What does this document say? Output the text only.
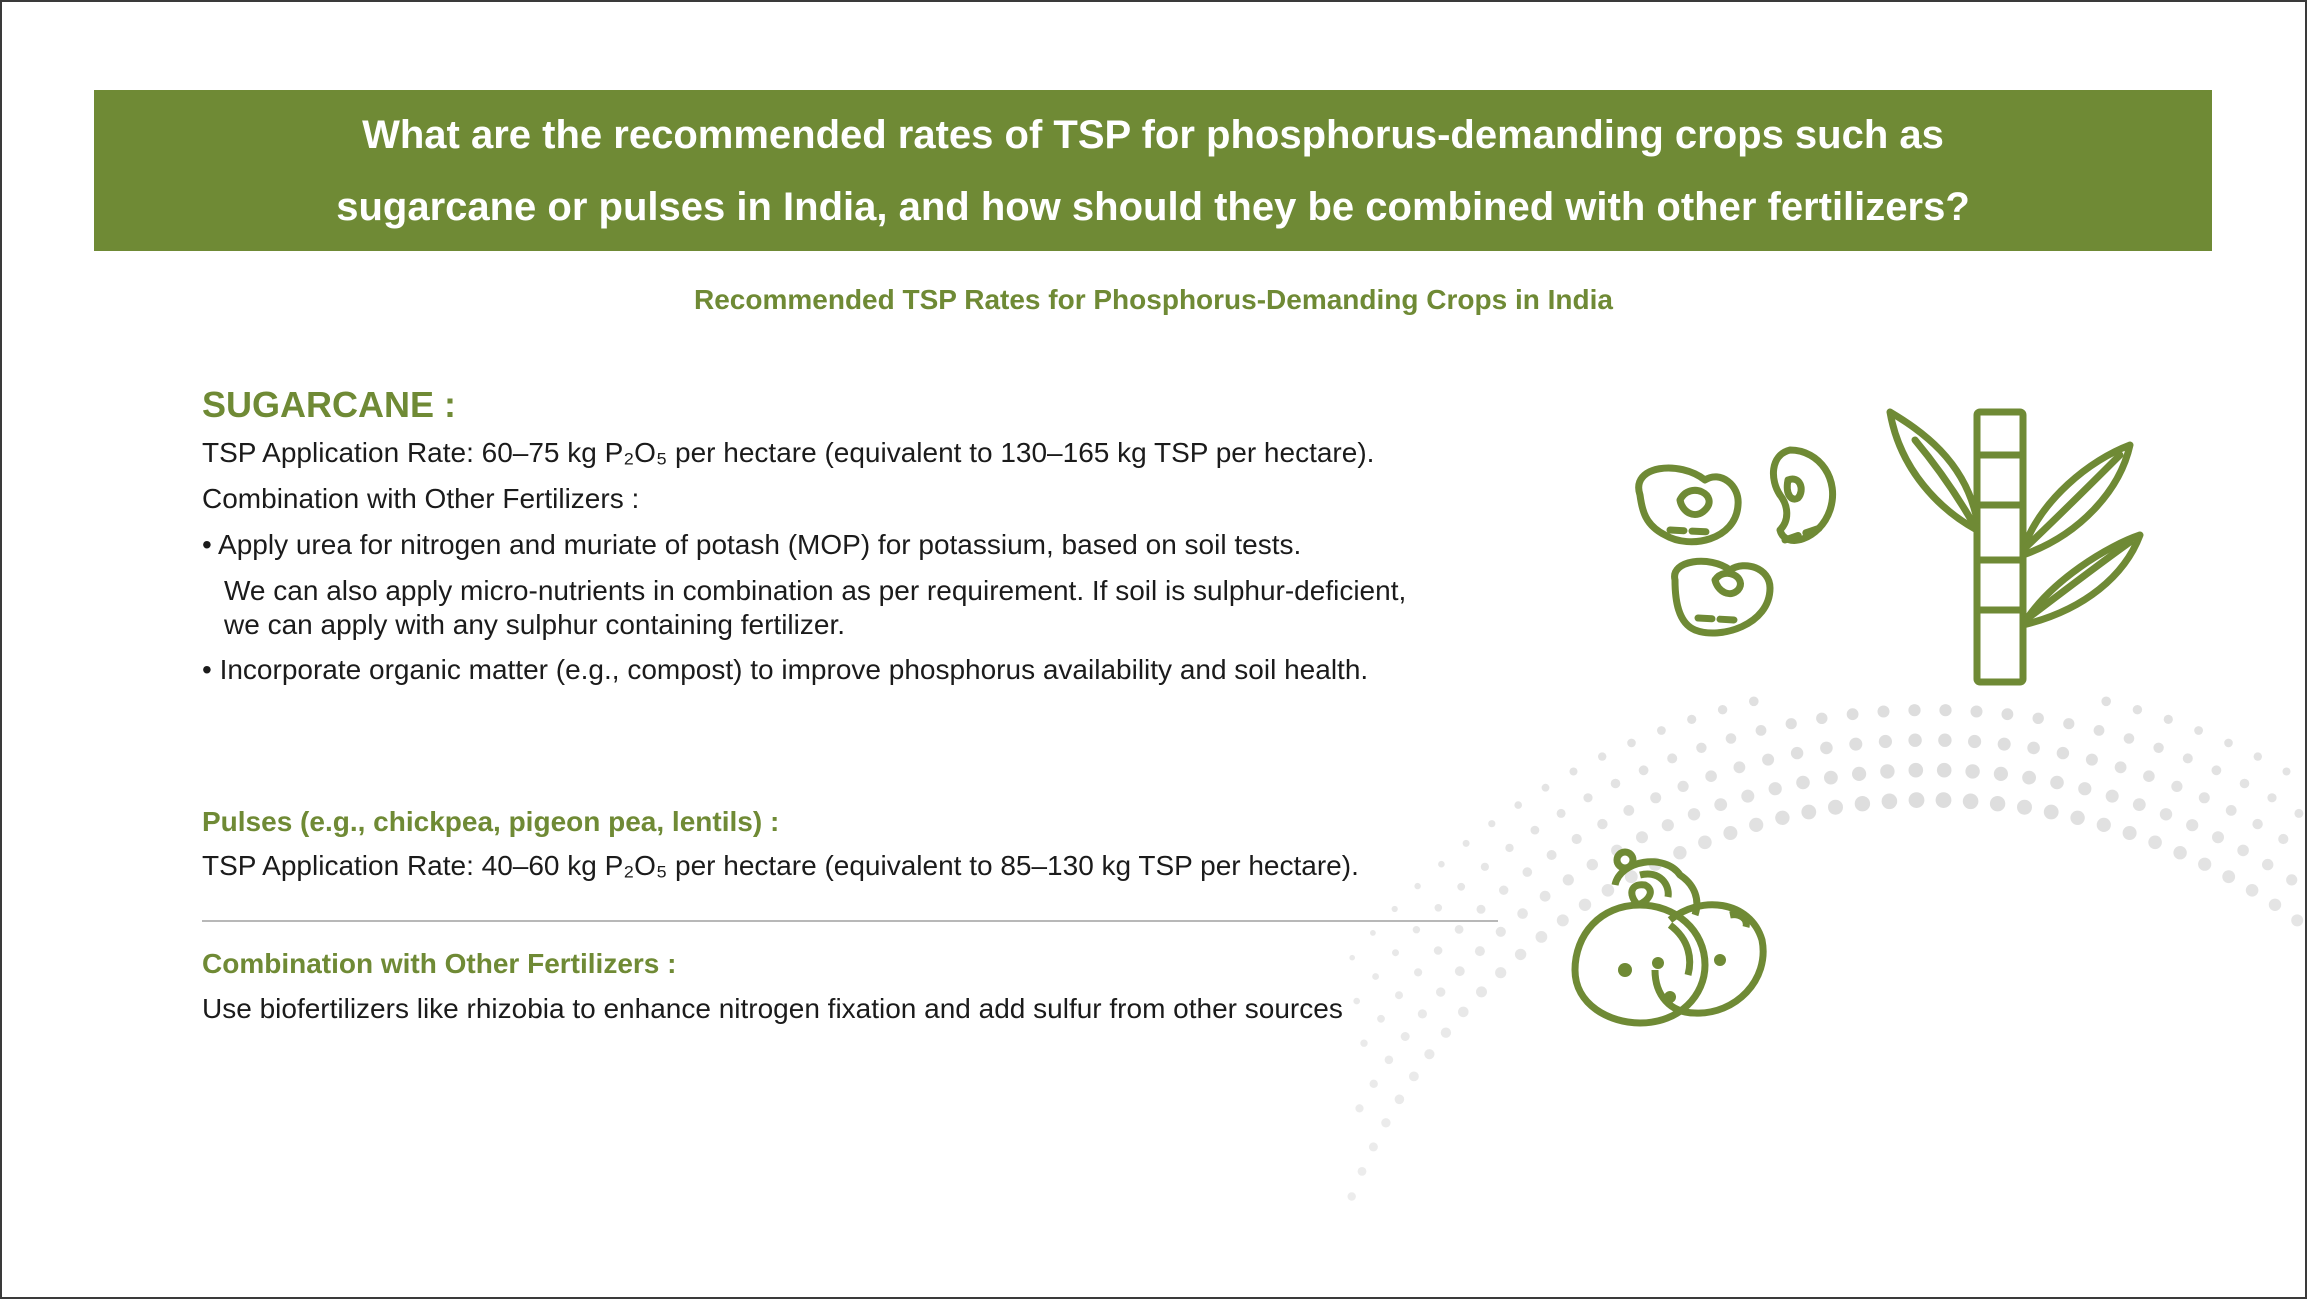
What are the recommended rates of TSP for phosphorus-demanding crops such as
sugarcane or pulses in India, and how should they be combined with other fertilizers?
Recommended TSP Rates for Phosphorus-Demanding Crops in India
SUGARCANE :
TSP Application Rate: 60–75 kg P₂O₅ per hectare (equivalent to 130–165 kg TSP per hectare).
Combination with Other Fertilizers :
• Apply urea for nitrogen and muriate of potash (MOP) for potassium, based on soil tests.
We can also apply micro-nutrients in combination as per requirement. If soil is sulphur-deficient,
we can apply with any sulphur containing fertilizer.
• Incorporate organic matter (e.g., compost) to improve phosphorus availability and soil health.
Pulses (e.g., chickpea, pigeon pea, lentils) :
TSP Application Rate: 40–60 kg P₂O₅ per hectare (equivalent to 85–130 kg TSP per hectare).
Combination with Other Fertilizers :
Use biofertilizers like rhizobia to enhance nitrogen fixation and add sulfur from other sources
